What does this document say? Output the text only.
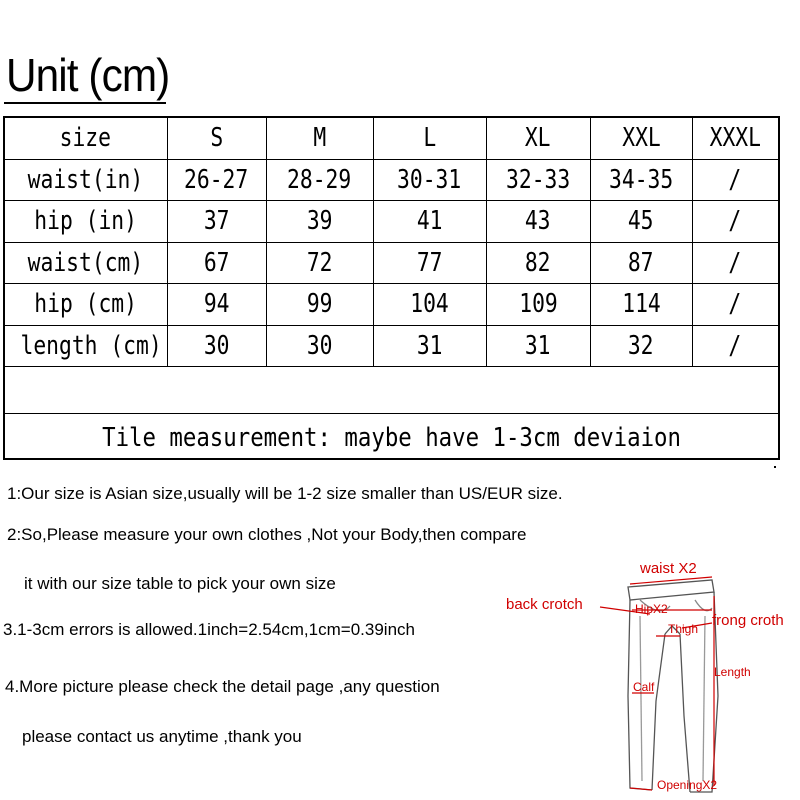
Unit (cm)
size	S	M	L	XL	XXL	XXXL
waist(in)	26-27	28-29	30-31	32-33	34-35	/
hip (in)	37	39	41	43	45	/
waist(cm)	67	72	77	82	87	/
hip (cm)	94	99	104	109	114	/
length (cm)	30	30	31	31	32	/
Tile measurement: maybe have 1-3cm deviaion
1:Our size is Asian size,usually will be 1-2 size smaller than US/EUR size.
2:So,Please measure your own clothes ,Not your Body,then compare
it with our size table to pick your own size
3.1-3cm errors is allowed.1inch=2.54cm,1cm=0.39inch
4.More picture please check the detail page ,any question
please contact us anytime ,thank you
waist X2
back crotch	HipX2
Thigh frong croth
Length
Calf
OpeningX2
